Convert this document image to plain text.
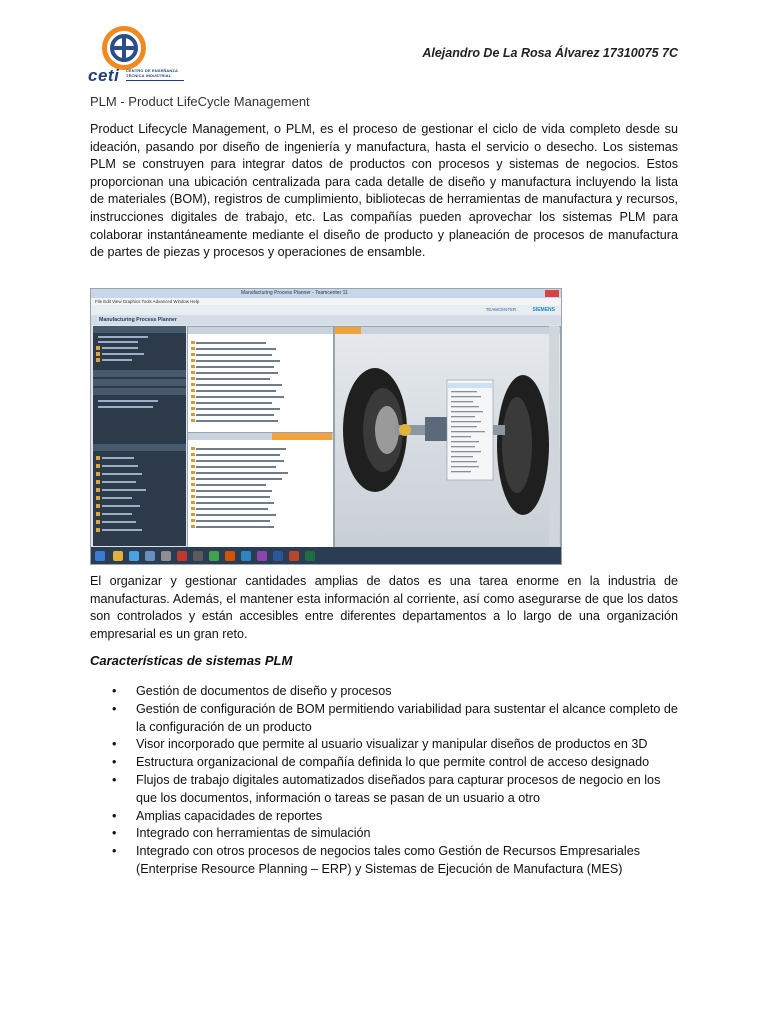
ceti CENTRO DE ENSEÑANZA
TÉCNICA INDUSTRIAL
Alejandro De La Rosa Álvarez 17310075 7C
PLM - Product LifeCycle Management

Product Lifecycle Management, o PLM, es el proceso de gestionar el ciclo de vida completo desde su ideación, pasando por diseño de ingeniería y manufactura, hasta el servicio o desecho. Los sistemas PLM se construyen para integrar datos de productos con procesos y sistemas de negocios. Estos proporcionan una ubicación centralizada para cada detalle de diseño y manufactura incluyendo la lista de materiales (BOM), registros de cumplimiento, bibliotecas de herramientas de manufactura y recursos, instrucciones digitales de trabajo, etc. Las compañías pueden aprovechar los sistemas PLM para colaborar instantáneamente mediante el diseño de producto y planeación de procesos de manufactura de partes de piezas y procesos y operaciones de ensamble.

Manufacturing Process Planner - Teamcenter 11
File Edit View Graphics Tools Advanced Window Help
TEAMCENTER	SIEMENS
Manufacturing Process Planner

El organizar y gestionar cantidades amplias de datos es una tarea enorme en la industria de manufacturas. Además, el mantener esta información al corriente, así como asegurarse de que los datos son controlados y están accesibles entre diferentes departamentos a lo largo de una organización empresarial es un gran reto.

Características de sistemas PLM
• Gestión de documentos de diseño y procesos
• Gestión de configuración de BOM permitiendo variabilidad para sustentar el alcance completo de la configuración de un producto
• Visor incorporado que permite al usuario visualizar y manipular diseños de productos en 3D
• Estructura organizacional de compañía definida lo que permite control de acceso designado
• Flujos de trabajo digitales automatizados diseñados para capturar procesos de negocio en los que los documentos, información o tareas se pasan de un usuario a otro
• Amplias capacidades de reportes
• Integrado con herramientas de simulación
• Integrado con otros procesos de negocios tales como Gestión de Recursos Empresariales (Enterprise Resource Planning – ERP) y Sistemas de Ejecución de Manufactura (MES)
